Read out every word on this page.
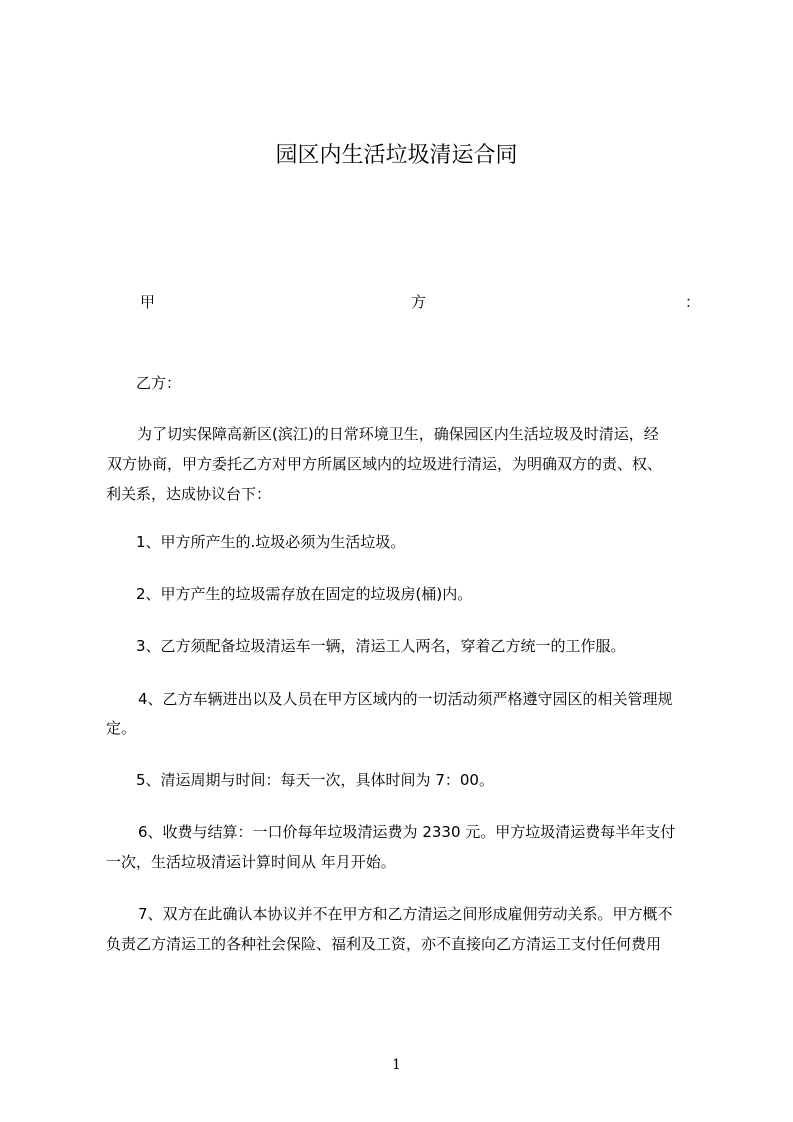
园区内生活垃圾清运合同
甲	方	：
乙方：
为了切实保障高新区(滨江)的日常环境卫生，确保园区内生活垃圾及时清运，经
双方协商，甲方委托乙方对甲方所属区域内的垃圾进行清运，为明确双方的责、权、
利关系，达成协议台下：
1、甲方所产生的.垃圾必须为生活垃圾。
2、甲方产生的垃圾需存放在固定的垃圾房(桶)内。
3、乙方须配备垃圾清运车一辆，清运工人两名，穿着乙方统一的工作服。
4、乙方车辆进出以及人员在甲方区域内的一切活动须严格遵守园区的相关管理规
定。
5、清运周期与时间：每天一次，具体时间为 7：00。
6、收费与结算：一口价每年垃圾清运费为 2330 元。甲方垃圾清运费每半年支付
一次，生活垃圾清运计算时间从 年月开始。
7、双方在此确认本协议并不在甲方和乙方清运之间形成雇佣劳动关系。甲方概不
负责乙方清运工的各种社会保险、福利及工资，亦不直接向乙方清运工支付任何费用
1
